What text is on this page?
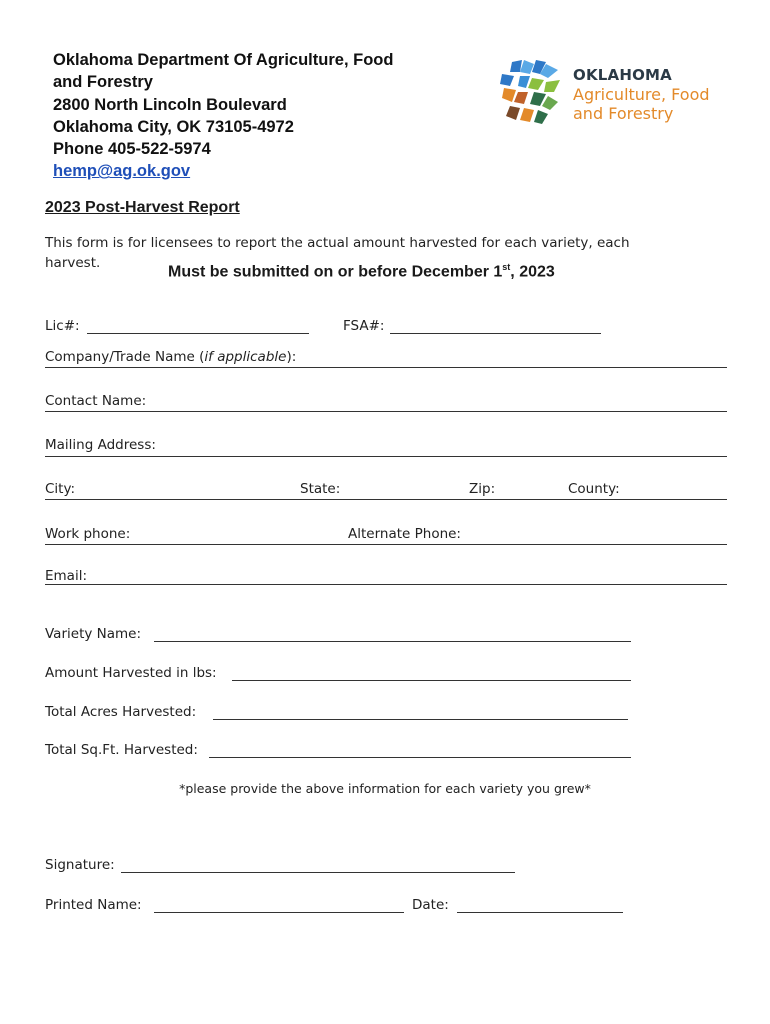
Oklahoma Department Of Agriculture, Food
and Forestry
2800 North Lincoln Boulevard
Oklahoma City, OK 73105-4972
Phone 405-522-5974
hemp@ag.ok.gov
OKLAHOMA
Agriculture, Food
and Forestry
2023 Post-Harvest Report
This form is for licensees to report the actual amount harvested for each variety, each harvest.
Must be submitted on or before December 1st, 2023
Lic#:	FSA#:
Company/Trade Name (if applicable):
Contact Name:
Mailing Address:
City:	State:	Zip:	County:
Work phone:	Alternate Phone:
Email:
Variety Name:
Amount Harvested in lbs:
Total Acres Harvested:
Total Sq.Ft. Harvested:
*please provide the above information for each variety you grew*
Signature:
Printed Name:	Date:
